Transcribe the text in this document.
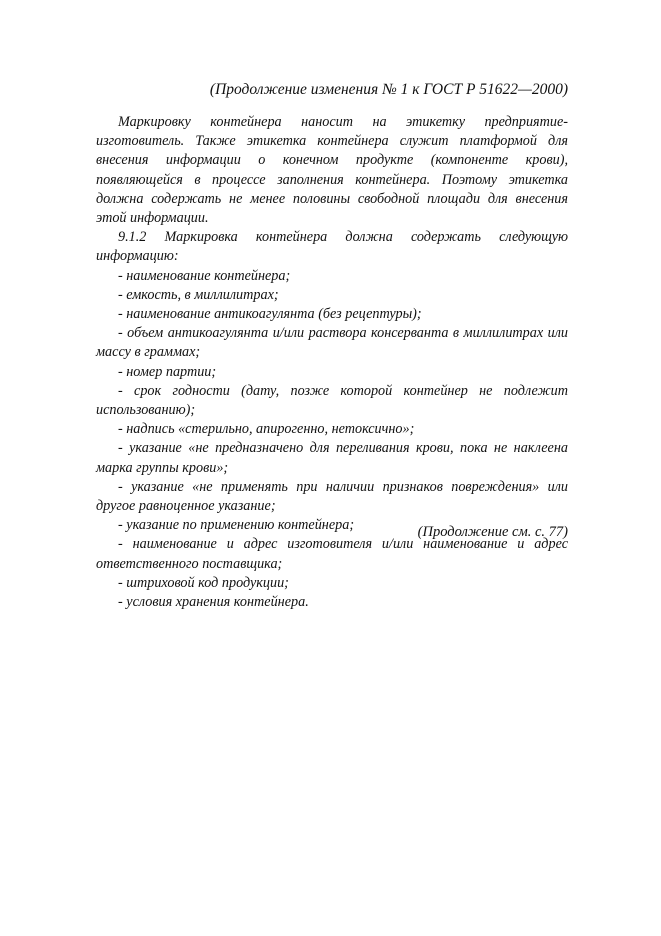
(Продолжение изменения № 1 к ГОСТ Р 51622—2000)

Маркировку контейнера наносит на этикетку предприятие-изготовитель. Также этикетка контейнера служит платформой для внесения информации о конечном продукте (компоненте крови), появляющейся в процессе заполнения контейнера. Поэтому этикетка должна содержать не менее половины свободной площади для внесения этой информации.

9.1.2 Маркировка контейнера должна содержать следующую информацию:

- наименование контейнера;

- емкость, в миллилитрах;

- наименование антикоагулянта (без рецептуры);

- объем антикоагулянта и/или раствора консерванта в миллилитрах или массу в граммах;

- номер партии;

- срок годности (дату, позже которой контейнер не подлежит использованию);

- надпись «стерильно, апирогенно, нетоксично»;

- указание «не предназначено для переливания крови, пока не наклеена марка группы крови»;

- указание «не применять при наличии признаков повреждения» или другое равноценное указание;

- указание по применению контейнера;

- наименование и адрес изготовителя и/или наименование и адрес ответственного поставщика;

- штриховой код продукции;

- условия хранения контейнера.

(Продолжение см. с. 77)
